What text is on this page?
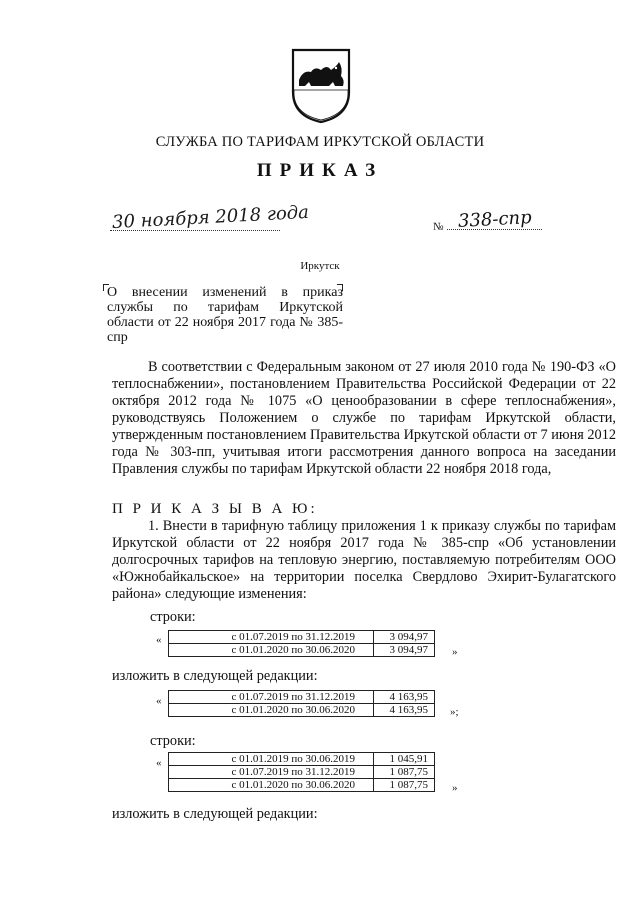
СЛУЖБА ПО ТАРИФАМ ИРКУТСКОЙ ОБЛАСТИ
ПРИКАЗ
30 ноября 2018 года	№ 338-спр
Иркутск
О внесении изменений в приказ службы по тарифам Иркутской области от 22 ноября 2017 года № 385-спр

В соответствии с Федеральным законом от 27 июля 2010 года № 190-ФЗ «О теплоснабжении», постановлением Правительства Российской Федерации от 22 октября 2012 года № 1075 «О ценообразовании в сфере теплоснабжения», руководствуясь Положением о службе по тарифам Иркутской области, утвержденным постановлением Правительства Иркутской области от 7 июня 2012 года № 303-пп, учитывая итоги рассмотрения данного вопроса на заседании Правления службы по тарифам Иркутской области 22 ноября 2018 года,

П Р И К А З Ы В А Ю:

1. Внести в тарифную таблицу приложения 1 к приказу службы по тарифам Иркутской области от 22 ноября 2017 года № 385-спр «Об установлении долгосрочных тарифов на тепловую энергию, поставляемую потребителям ООО «Южнобайкальское» на территории поселка Свердлово Эхирит-Булагатского района» следующие изменения:

строки:
«	с 01.07.2019 по 31.12.2019	3 094,97
с 01.01.2020 по 30.06.2020	3 094,97 »
изложить в следующей редакции:
«	с 01.07.2019 по 31.12.2019	4 163,95
с 01.01.2020 по 30.06.2020	4 163,95 »;
строки:
«	с 01.01.2019 по 30.06.2019	1 045,91
с 01.07.2019 по 31.12.2019	1 087,75
с 01.01.2020 по 30.06.2020	1 087,75 »
изложить в следующей редакции:
